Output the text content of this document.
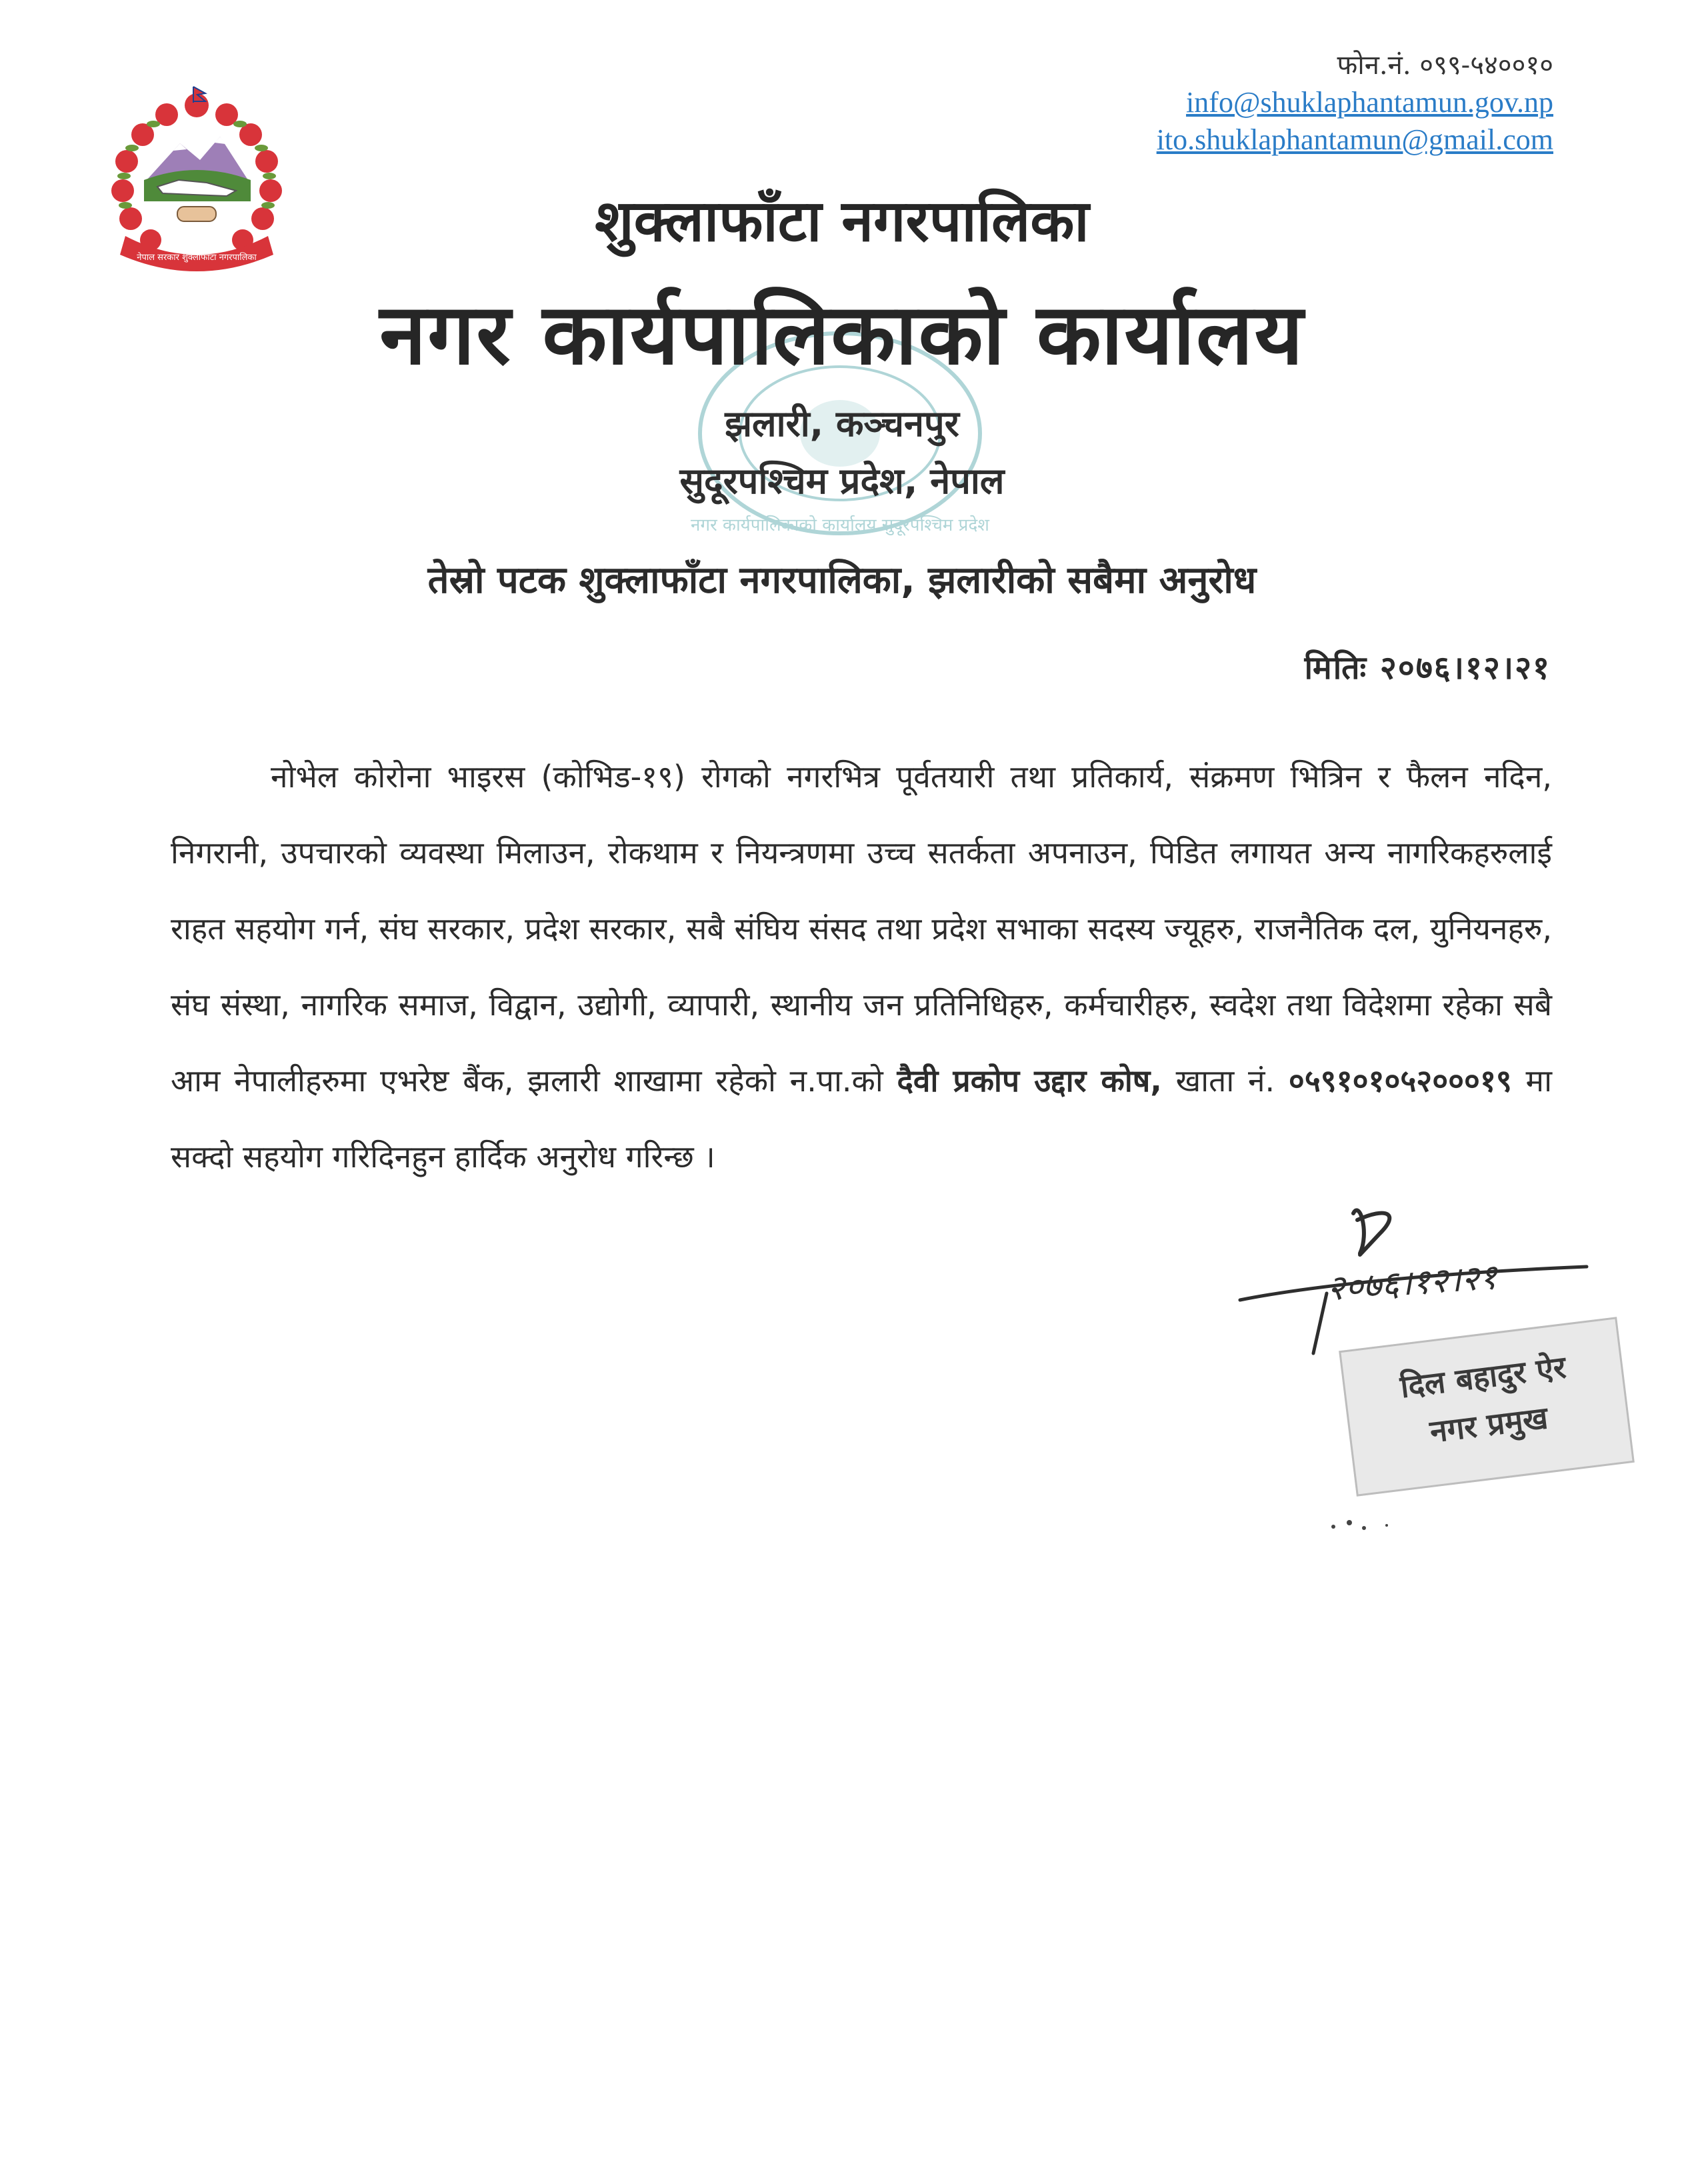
नेपाल सरकार शुक्लाफाँटा नगरपालिका
फोन.नं. ०९९-५४००१०
info@shuklaphantamun.gov.np
ito.shuklaphantamun@gmail.com
नगर कार्यपालिकाको कार्यालय सुदूरपश्चिम प्रदेश
शुक्लाफाँटा नगरपालिका
नगर कार्यपालिकाको कार्यालय
झलारी, कञ्चनपुर
सुदूरपश्चिम प्रदेश, नेपाल
तेस्रो पटक शुक्लाफाँटा नगरपालिका, झलारीको सबैमा अनुरोध
मितिः २०७६।१२।२१
नोभेल कोरोना भाइरस (कोभिड-१९) रोगको नगरभित्र पूर्वतयारी तथा प्रतिकार्य, संक्रमण भित्रिन र फैलन नदिन, निगरानी, उपचारको व्यवस्था मिलाउन, रोकथाम र नियन्त्रणमा उच्च सतर्कता अपनाउन, पिडित लगायत अन्य नागरिकहरुलाई राहत सहयोग गर्न, संघ सरकार, प्रदेश सरकार, सबै संघिय संसद तथा प्रदेश सभाका सदस्य ज्यूहरु, राजनैतिक दल, युनियनहरु, संघ संस्था, नागरिक समाज, विद्वान, उद्योगी, व्यापारी, स्थानीय जन प्रतिनिधिहरु, कर्मचारीहरु, स्वदेश तथा विदेशमा रहेका सबै आम नेपालीहरुमा एभरेष्ट बैंक, झलारी शाखामा रहेको न.पा.को दैवी प्रकोप उद्दार कोष, खाता नं. ०५९१०१०५२०००१९ मा सक्दो सहयोग गरिदिनहुन हार्दिक अनुरोध गरिन्छ ।
२०७६।१२।२१
दिल बहादुर ऐर
नगर प्रमुख
